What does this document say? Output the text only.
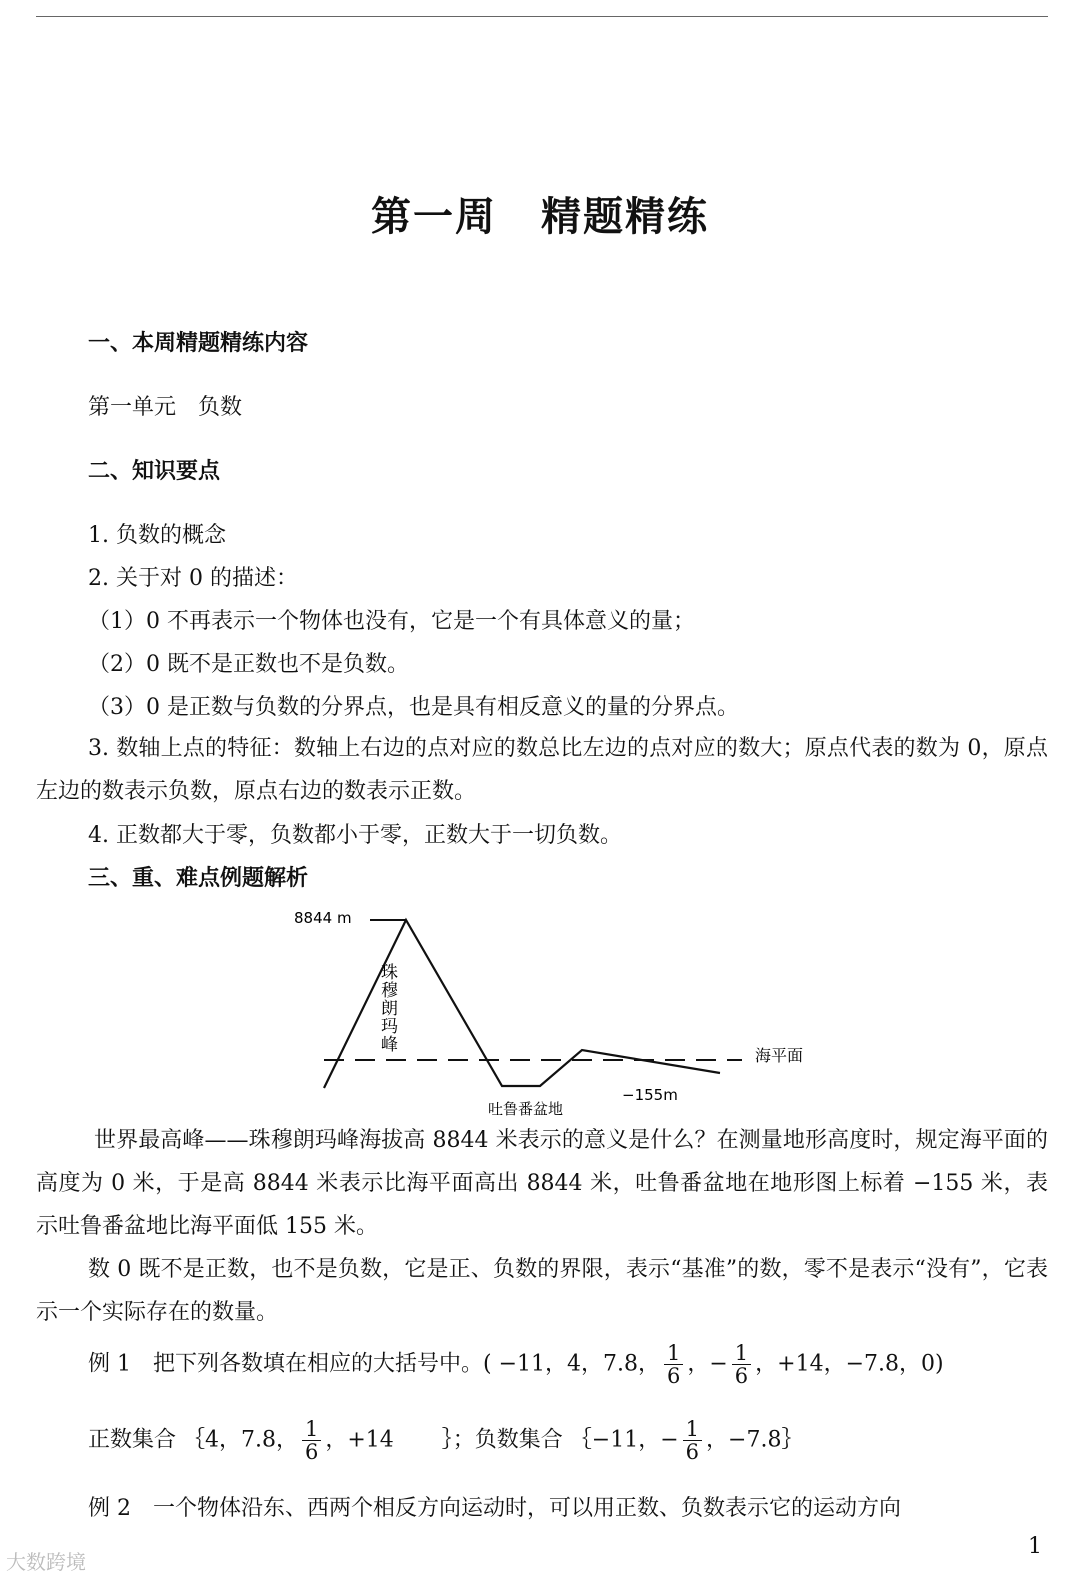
第一周 精题精练
一、本周精题精练内容
第一单元　负数
二、知识要点
1. 负数的概念
2. 关于对 0 的描述：
（1）0 不再表示一个物体也没有，它是一个有具体意义的量；
（2）0 既不是正数也不是负数。
（3）0 是正数与负数的分界点，也是具有相反意义的量的分界点。
3. 数轴上点的特征：数轴上右边的点对应的数总比左边的点对应的数大；原点代表的数为 0，原点左边的数表示负数，原点右边的数表示正数。
4. 正数都大于零，负数都小于零，正数大于一切负数。
三、重、难点例题解析
8844 m
珠穆朗玛峰
海平面
−155m
吐鲁番盆地
世界最高峰——珠穆朗玛峰海拔高 8844 米表示的意义是什么？在测量地形高度时，规定海平面的高度为 0 米，于是高 8844 米表示比海平面高出 8844 米，吐鲁番盆地在地形图上标着 −155 米，表示吐鲁番盆地比海平面低 155 米。
数 0 既不是正数，也不是负数，它是正、负数的界限，表示“基准”的数，零不是表示“没有”，它表示一个实际存在的数量。
例 1　把下列各数填在相应的大括号中。( −11，4，7.8， $\frac{1}{6}$ ，− $\frac{1}{6}$ ，+14，−7.8，0)
正数集合 ｛4，7.8， $\frac{1}{6}$ ，+14 ｝；负数集合 ｛−11，− $\frac{1}{6}$ ，−7.8｝
例 2　一个物体沿东、西两个相反方向运动时，可以用正数、负数表示它的运动方向
大数跨境
1
